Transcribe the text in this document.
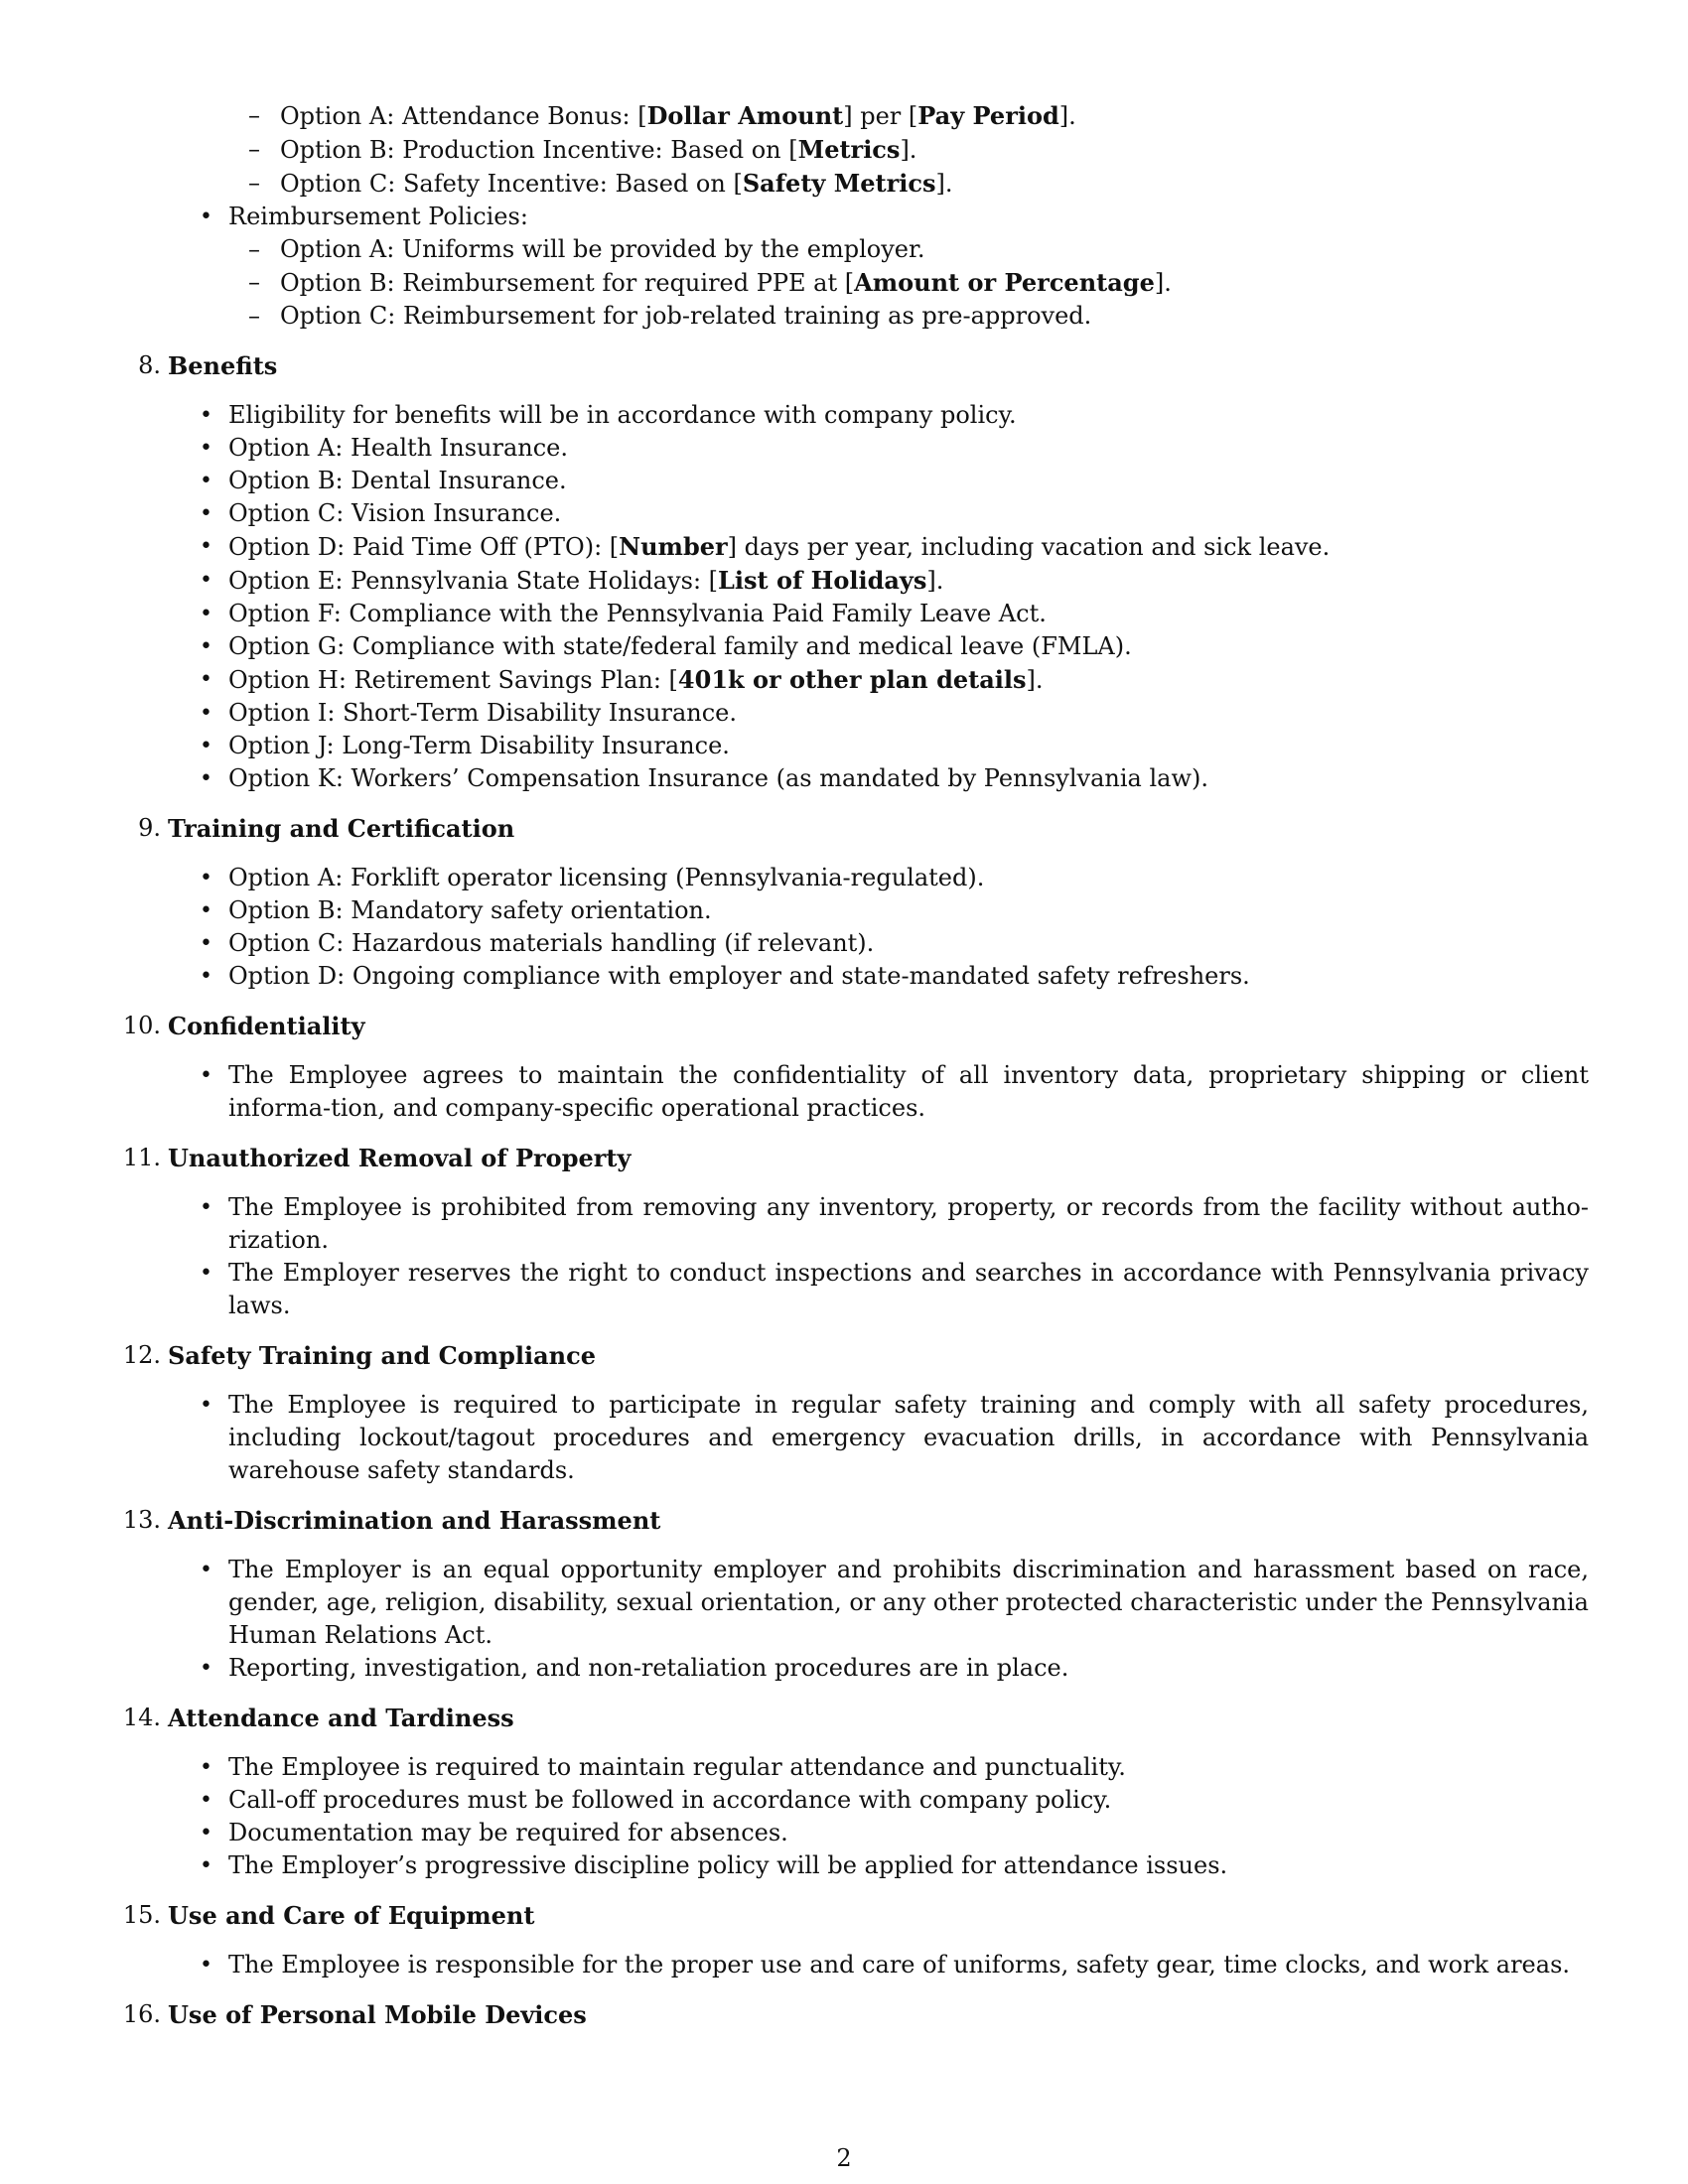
– Option A: Attendance Bonus: [Dollar Amount] per [Pay Period].
– Option B: Production Incentive: Based on [Metrics].
– Option C: Safety Incentive: Based on [Safety Metrics].
• Reimbursement Policies:
– Option A: Uniforms will be provided by the employer.
– Option B: Reimbursement for required PPE at [Amount or Percentage].
– Option C: Reimbursement for job-related training as pre-approved.
8. Benefits
• Eligibility for benefits will be in accordance with company policy.
• Option A: Health Insurance.
• Option B: Dental Insurance.
• Option C: Vision Insurance.
• Option D: Paid Time Off (PTO): [Number] days per year, including vacation and sick leave.
• Option E: Pennsylvania State Holidays: [List of Holidays].
• Option F: Compliance with the Pennsylvania Paid Family Leave Act.
• Option G: Compliance with state/federal family and medical leave (FMLA).
• Option H: Retirement Savings Plan: [401k or other plan details].
• Option I: Short-Term Disability Insurance.
• Option J: Long-Term Disability Insurance.
• Option K: Workers’ Compensation Insurance (as mandated by Pennsylvania law).
9. Training and Certification
• Option A: Forklift operator licensing (Pennsylvania-regulated).
• Option B: Mandatory safety orientation.
• Option C: Hazardous materials handling (if relevant).
• Option D: Ongoing compliance with employer and state-mandated safety refreshers.
10. Confidentiality
• The Employee agrees to maintain the confidentiality of all inventory data, proprietary shipping or client informa-tion, and company-specific operational practices.
11. Unauthorized Removal of Property
• The Employee is prohibited from removing any inventory, property, or records from the facility without autho-rization.
• The Employer reserves the right to conduct inspections and searches in accordance with Pennsylvania privacy laws.
12. Safety Training and Compliance
• The Employee is required to participate in regular safety training and comply with all safety procedures, including lockout/tagout procedures and emergency evacuation drills, in accordance with Pennsylvania warehouse safety standards.
13. Anti-Discrimination and Harassment
• The Employer is an equal opportunity employer and prohibits discrimination and harassment based on race, gender, age, religion, disability, sexual orientation, or any other protected characteristic under the Pennsylvania Human Relations Act.
• Reporting, investigation, and non-retaliation procedures are in place.
14. Attendance and Tardiness
• The Employee is required to maintain regular attendance and punctuality.
• Call-off procedures must be followed in accordance with company policy.
• Documentation may be required for absences.
• The Employer’s progressive discipline policy will be applied for attendance issues.
15. Use and Care of Equipment
• The Employee is responsible for the proper use and care of uniforms, safety gear, time clocks, and work areas.
16. Use of Personal Mobile Devices
2
